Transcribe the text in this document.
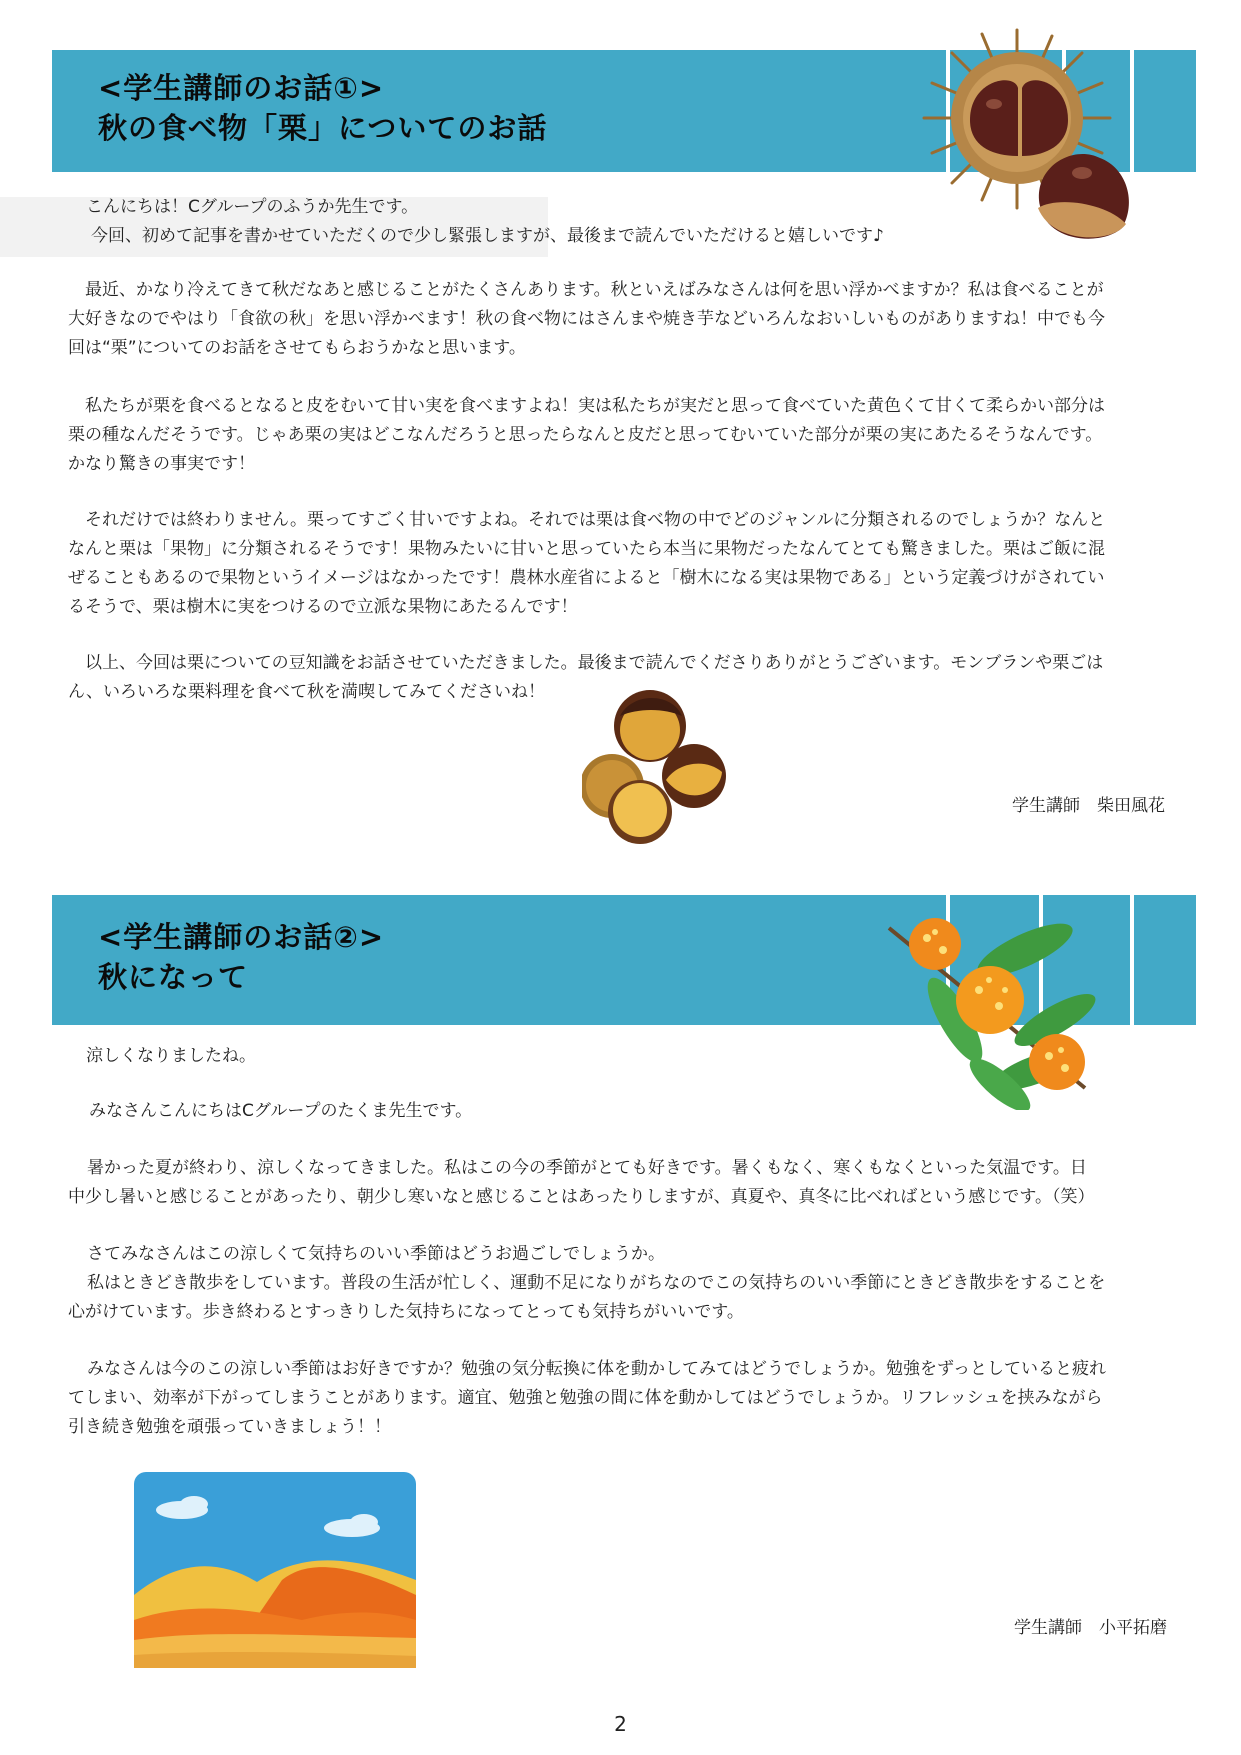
<学生講師のお話①>
秋の食べ物「栗」についてのお話

こんにちは！Cグループのふうか先生です。
今回、初めて記事を書かせていただくので少し緊張しますが、最後まで読んでいただけると嬉しいです♪

最近、かなり冷えてきて秋だなあと感じることがたくさんあります。秋といえばみなさんは何を思い浮かべますか？私は食べることが
大好きなのでやはり「食欲の秋」を思い浮かべます！秋の食べ物にはさんまや焼き芋などいろんなおいしいものがありますね！中でも今
回は“栗”についてのお話をさせてもらおうかなと思います。

私たちが栗を食べるとなると皮をむいて甘い実を食べますよね！実は私たちが実だと思って食べていた黄色くて甘くて柔らかい部分は
栗の種なんだそうです。じゃあ栗の実はどこなんだろうと思ったらなんと皮だと思ってむいていた部分が栗の実にあたるそうなんです。
かなり驚きの事実です！

それだけでは終わりません。栗ってすごく甘いですよね。それでは栗は食べ物の中でどのジャンルに分類されるのでしょうか？なんと
なんと栗は「果物」に分類されるそうです！果物みたいに甘いと思っていたら本当に果物だったなんてとても驚きました。栗はご飯に混
ぜることもあるので果物というイメージはなかったです！農林水産省によると「樹木になる実は果物である」という定義づけがされてい
るそうで、栗は樹木に実をつけるので立派な果物にあたるんです！

以上、今回は栗についての豆知識をお話させていただきました。最後まで読んでくださりありがとうございます。モンブランや栗ごは
ん、いろいろな栗料理を食べて秋を満喫してみてくださいね！

学生講師　柴田風花
<学生講師のお話②>
秋になって

涼しくなりましたね。

みなさんこんにちはCグループのたくま先生です。

暑かった夏が終わり、涼しくなってきました。私はこの今の季節がとても好きです。暑くもなく、寒くもなくといった気温です。日
中少し暑いと感じることがあったり、朝少し寒いなと感じることはあったりしますが、真夏や、真冬に比べればという感じです。（笑）

さてみなさんはこの涼しくて気持ちのいい季節はどうお過ごしでしょうか。
私はときどき散歩をしています。普段の生活が忙しく、運動不足になりがちなのでこの気持ちのいい季節にときどき散歩をすることを
心がけています。歩き終わるとすっきりした気持ちになってとっても気持ちがいいです。

みなさんは今のこの涼しい季節はお好きですか？勉強の気分転換に体を動かしてみてはどうでしょうか。勉強をずっとしていると疲れ
てしまい、効率が下がってしまうことがあります。適宜、勉強と勉強の間に体を動かしてはどうでしょうか。リフレッシュを挟みながら
引き続き勉強を頑張っていきましょう！！

学生講師　小平拓磨
2
